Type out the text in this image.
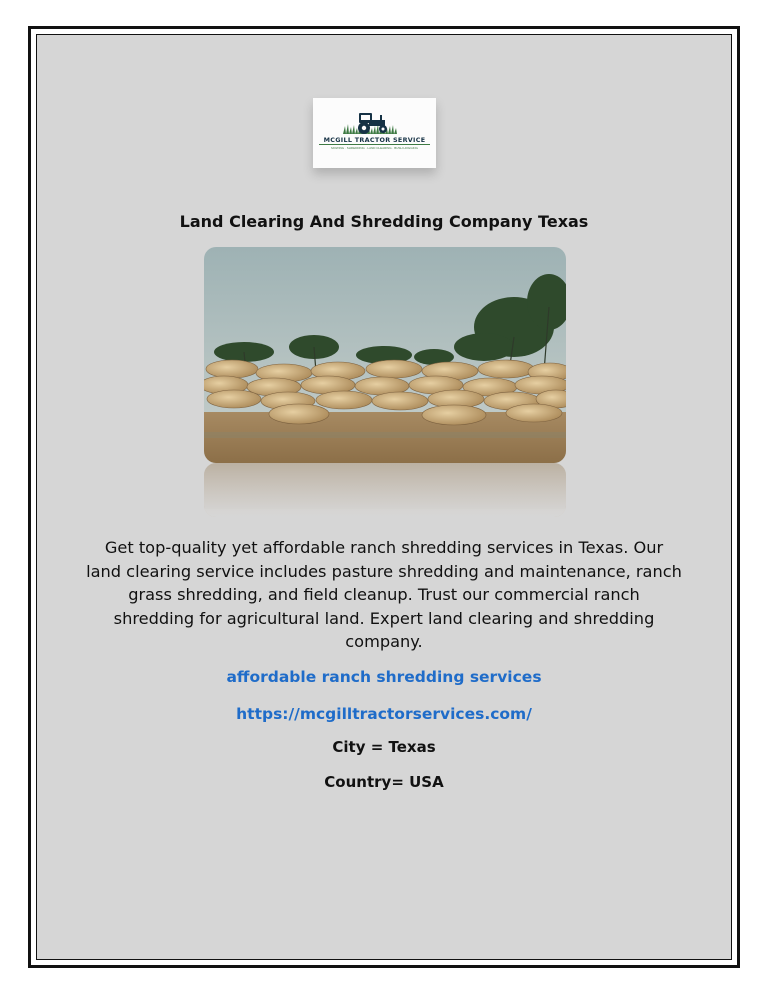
MCGILL TRACTOR SERVICE
MOWING · SHREDDING · LAND CLEARING · BUSH HOGGING
Land Clearing And Shredding Company Texas
Get top-quality yet affordable ranch shredding services in Texas. Our land clearing service includes pasture shredding and maintenance, ranch grass shredding, and field cleanup. Trust our commercial ranch shredding for agricultural land. Expert land clearing and shredding company.
affordable ranch shredding services
https://mcgilltractorservices.com/
City = Texas
Country= USA
